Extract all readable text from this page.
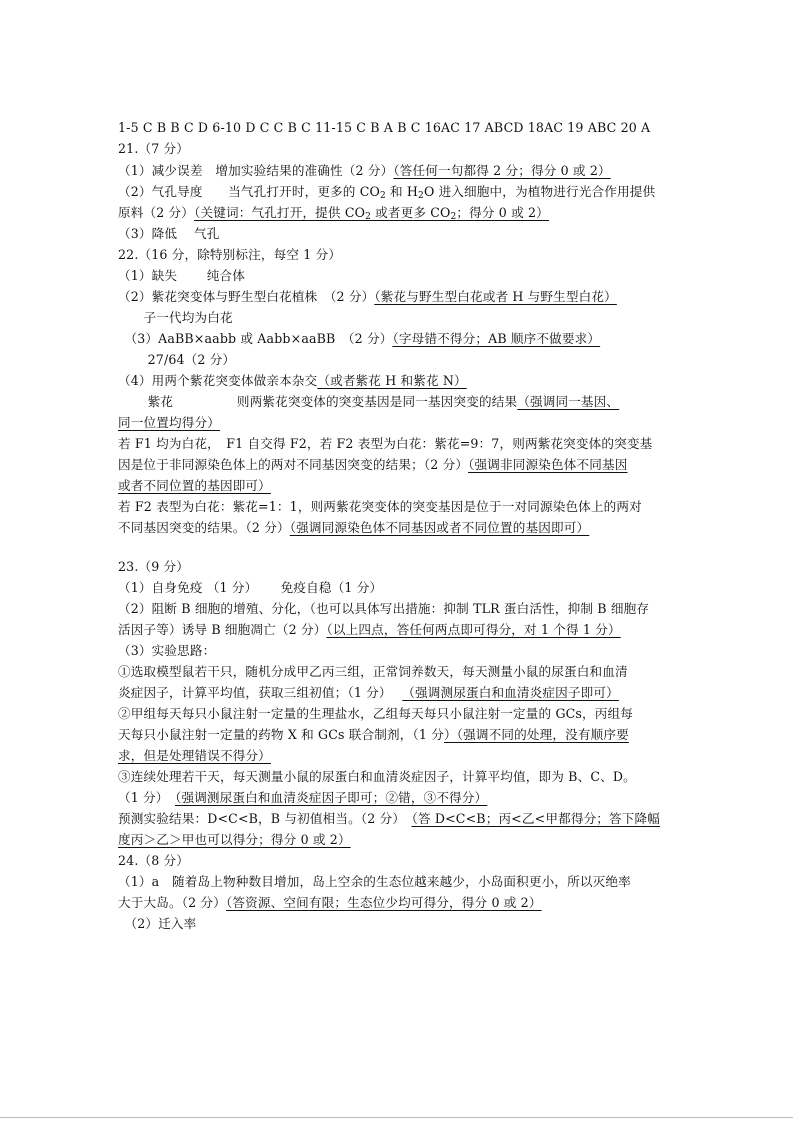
1-5 C B B C D 6-10 D C C B C 11-15 C B A B C 16AC 17 ABCD 18AC 19 ABC 20 A
21.（7 分）
（1）减少误差　增加实验结果的准确性（2 分）（答任何一句都得 2 分；得分 0 或 2）
（2）气孔导度　　当气孔打开时，更多的 $CO_2$ 和 $H_2O$ 进入细胞中，为植物进行光合作用提供
原料（2 分）（关键词：气孔打开，提供 $CO_2$ 或者更多 $CO_2$；得分 0 或 2）
（3）降低　 气孔
22.（16 分，除特别标注，每空 1 分）
（1）缺失　　 纯合体
（2）紫花突变体与野生型白花植株　（2 分）（紫花与野生型白花或者 H 与野生型白花）
　　子一代均为白花
　（3）AaBB×aabb 或 Aabb×aaBB　（2 分）（字母错不得分；AB 顺序不做要求）
　　 27/64（2 分）
（4）用两个紫花突变体做亲本杂交（或者紫花 H 和紫花 N）
　　 紫花　　　　　则两紫花突变体的突变基因是同一基因突变的结果（强调同一基因、
同一位置均得分）
若 F1 均为白花，　F1 自交得 F2，若 F2 表型为白花：紫花=9：7，则两紫花突变体的突变基
因是位于非同源染色体上的两对不同基因突变的结果；（2 分）（强调非同源染色体不同基因
或者不同位置的基因即可）
若 F2 表型为白花：紫花=1：1，则两紫花突变体的突变基因是位于一对同源染色体上的两对
不同基因突变的结果。（2 分）（强调同源染色体不同基因或者不同位置的基因即可）
23.（9 分）
（1）自身免疫 （1 分）　　 免疫自稳（1 分）
（2）阻断 B 细胞的增殖、分化，（也可以具体写出措施：抑制 TLR 蛋白活性，抑制 B 细胞存
活因子等）诱导 B 细胞凋亡（2 分）（以上四点，答任何两点即可得分，对 1 个得 1 分）
（3）实验思路：
①选取模型鼠若干只，随机分成甲乙丙三组，正常饲养数天，每天测量小鼠的尿蛋白和血清
炎症因子，计算平均值，获取三组初值；（1 分）　 （强调测尿蛋白和血清炎症因子即可）
②甲组每天每只小鼠注射一定量的生理盐水，乙组每天每只小鼠注射一定量的 GCs，丙组每
天每只小鼠注射一定量的药物 X 和 GCs 联合制剂，（1 分）（强调不同的处理，没有顺序要
求，但是处理错误不得分）
③连续处理若干天，每天测量小鼠的尿蛋白和血清炎症因子，计算平均值，即为 B、C、D。
（1 分）　（强调测尿蛋白和血清炎症因子即可；②错，③不得分）
预测实验结果：D<C<B，B 与初值相当。（2 分）　（答 D<C<B；丙<乙<甲都得分；答下降幅
度丙＞乙＞甲也可以得分；得分 0 或 2）
24.（8 分）
（1）a　随着岛上物种数目增加，岛上空余的生态位越来越少，小岛面积更小，所以灭绝率
大于大岛。（2 分）（答资源、空间有限；生态位少均可得分，得分 0 或 2）
　（2）迁入率
